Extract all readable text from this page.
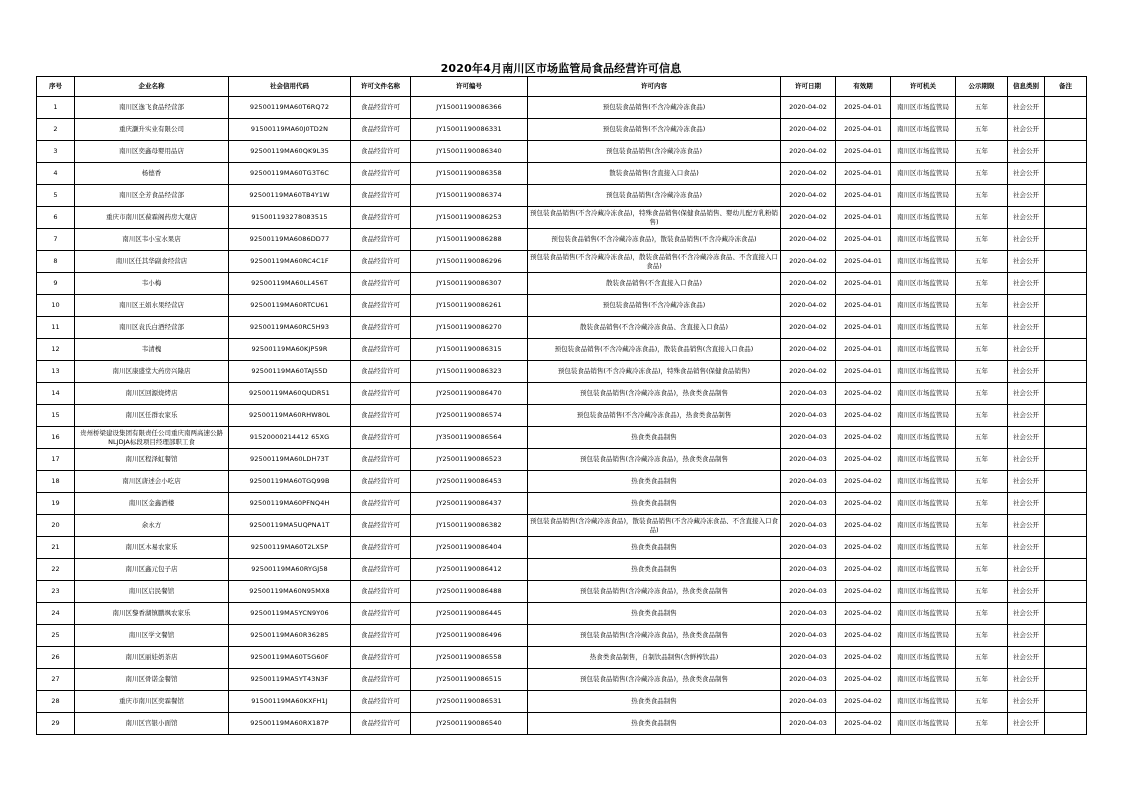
2020年4月南川区市场监管局食品经营许可信息
序号	企业名称	社会信用代码	许可文件名称	许可编号	许可内容	许可日期	有效期	许可机关	公示期限	信息类别	备注
1	南川区逸飞食品经营部	92500119MA60T6RQ72	食品经营许可	JY15001190086366	预包装食品销售(不含冷藏冷冻食品)	2020-04-02	2025-04-01	南川区市场监管局	五年	社会公开	
2	重庆灏升实业有限公司	91500119MA60J0TD2N	食品经营许可	JY15001190086331	预包装食品销售(不含冷藏冷冻食品)	2020-04-02	2025-04-01	南川区市场监管局	五年	社会公开	
3	南川区奕鑫母婴用品店	92500119MA60QK9L35	食品经营许可	JY15001190086340	预包装食品销售(含冷藏冷冻食品)	2020-04-02	2025-04-01	南川区市场监管局	五年	社会公开	
4	杨德香	92500119MA60TG3T6C	食品经营许可	JY15001190086358	散装食品销售(含直接入口食品)	2020-04-02	2025-04-01	南川区市场监管局	五年	社会公开	
5	南川区全芳食品经营部	92500119MA60TB4Y1W	食品经营许可	JY15001190086374	预包装食品销售(含冷藏冷冻食品)	2020-04-02	2025-04-01	南川区市场监管局	五年	社会公开	
6	重庆市南川区葆霖阁药房大观店	915001193278083515	食品经营许可	JY15001190086253	预包装食品销售(不含冷藏冷冻食品)，特殊食品销售(保健食品销售、婴幼儿配方乳粉销售)	2020-04-02	2025-04-01	南川区市场监管局	五年	社会公开	
7	南川区韦小宝水果店	92500119MA6086DD77	食品经营许可	JY15001190086288	预包装食品销售(不含冷藏冷冻食品)，散装食品销售(不含冷藏冷冻食品)	2020-04-02	2025-04-01	南川区市场监管局	五年	社会公开	
8	南川区任其华副食经营店	92500119MA60RC4C1F	食品经营许可	JY15001190086296	预包装食品销售(不含冷藏冷冻食品)，散装食品销售(不含冷藏冷冻食品、不含直接入口食品)	2020-04-02	2025-04-01	南川区市场监管局	五年	社会公开	
9	韦小梅	92500119MA60LL456T	食品经营许可	JY15001190086307	散装食品销售(不含直接入口食品)	2020-04-02	2025-04-01	南川区市场监管局	五年	社会公开	
10	南川区王娟水果经营店	92500119MA60RTCU61	食品经营许可	JY15001190086261	预包装食品销售(不含冷藏冷冻食品)	2020-04-02	2025-04-01	南川区市场监管局	五年	社会公开	
11	南川区袁氏白酒经营部	92500119MA60RC5H93	食品经营许可	JY15001190086270	散装食品销售(不含冷藏冷冻食品、含直接入口食品)	2020-04-02	2025-04-01	南川区市场监管局	五年	社会公开	
12	韦清槐	92500119MA60KJP59R	食品经营许可	JY15001190086315	预包装食品销售(不含冷藏冷冻食品)，散装食品销售(含直接入口食品)	2020-04-02	2025-04-01	南川区市场监管局	五年	社会公开	
13	南川区康盛堂大药房兴隆店	92500119MA60TAJ55D	食品经营许可	JY15001190086323	预包装食品销售(不含冷藏冷冻食品)，特殊食品销售(保健食品销售)	2020-04-02	2025-04-01	南川区市场监管局	五年	社会公开	
14	南川区回源烧烤店	92500119MA60QUDR51	食品经营许可	JY25001190086470	预包装食品销售(含冷藏冷冻食品)，热食类食品制售	2020-04-03	2025-04-02	南川区市场监管局	五年	社会公开	
15	南川区任群农家乐	92500119MA60RHW80L	食品经营许可	JY25001190086574	预包装食品销售(不含冷藏冷冻食品)，热食类食品制售	2020-04-03	2025-04-02	南川区市场监管局	五年	社会公开	
16	贵州桥梁建设集团有限责任公司重庆南两高速公路NLJDJA标段项目经理部职工食	91520000214412 65XG	食品经营许可	JY35001190086564	热食类食品制售	2020-04-03	2025-04-02	南川区市场监管局	五年	社会公开	
17	南川区程泽虹餐馆	92500119MA60LDH73T	食品经营许可	JY25001190086523	预包装食品销售(含冷藏冷冻食品)，热食类食品制售	2020-04-03	2025-04-02	南川区市场监管局	五年	社会公开	
18	南川区唐述会小吃店	92500119MA60TGQ99B	食品经营许可	JY25001190086453	热食类食品制售	2020-04-03	2025-04-02	南川区市场监管局	五年	社会公开	
19	南川区金鑫酒楼	92500119MA60PFNQ4H	食品经营许可	JY25001190086437	热食类食品制售	2020-04-03	2025-04-02	南川区市场监管局	五年	社会公开	
20	余永方	92500119MA5UQPNA1T	食品经营许可	JY15001190086382	预包装食品销售(含冷藏冷冻食品)，散装食品销售(不含冷藏冷冻食品、不含直接入口食品)	2020-04-03	2025-04-02	南川区市场监管局	五年	社会公开	
21	南川区木易农家乐	92500119MA60T2LX5P	食品经营许可	JY25001190086404	热食类食品制售	2020-04-03	2025-04-02	南川区市场监管局	五年	社会公开	
22	南川区鑫元包子店	92500119MA60RYGJ58	食品经营许可	JY25001190086412	热食类食品制售	2020-04-03	2025-04-02	南川区市场监管局	五年	社会公开	
23	南川区启民餐馆	92500119MA60N95MX8	食品经营许可	JY25001190086488	预包装食品销售(含冷藏冷冻食品)，热食类食品制售	2020-04-03	2025-04-02	南川区市场监管局	五年	社会公开	
24	南川区黎香湖镇鹏飒农家乐	92500119MA5YCN9Y06	食品经营许可	JY25001190086445	热食类食品制售	2020-04-03	2025-04-02	南川区市场监管局	五年	社会公开	
25	南川区学文餐馆	92500119MA60R36285	食品经营许可	JY25001190086496	预包装食品销售(含冷藏冷冻食品)，热食类食品制售	2020-04-03	2025-04-02	南川区市场监管局	五年	社会公开	
26	南川区丽娃奶茶店	92500119MA60T5G60F	食品经营许可	JY25001190086558	热食类食品制售，自制饮品制售(含鲜榨饮品)	2020-04-03	2025-04-02	南川区市场监管局	五年	社会公开	
27	南川区骨诺金餐馆	92500119MA5YT43N3F	食品经营许可	JY25001190086515	预包装食品销售(含冷藏冷冻食品)，热食类食品制售	2020-04-03	2025-04-02	南川区市场监管局	五年	社会公开	
28	重庆市南川区奕霖餐馆	91500119MA60KXFH1J	食品经营许可	JY25001190086531	热食类食品制售	2020-04-03	2025-04-02	南川区市场监管局	五年	社会公开	
29	南川区官银小面馆	92500119MA60RX187P	食品经营许可	JY25001190086540	热食类食品制售	2020-04-03	2025-04-02	南川区市场监管局	五年	社会公开	
